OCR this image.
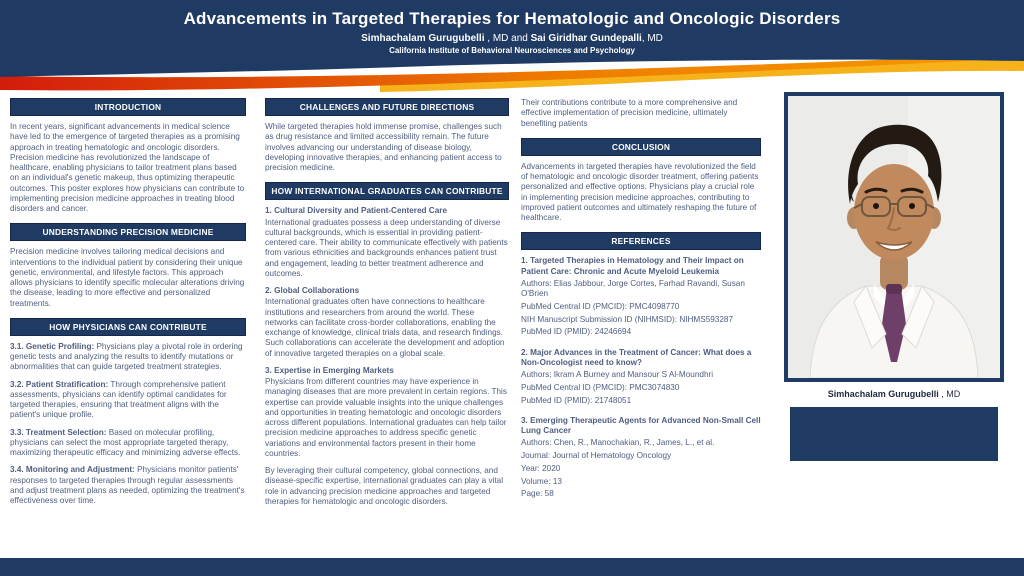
Advancements in Targeted Therapies for Hematologic and Oncologic Disorders
Simhachalam Gurugubelli , MD and Sai Giridhar Gundepalli, MD
California Institute of Behavioral Neurosciences and Psychology
INTRODUCTION

In recent years, significant advancements in medical science have led to the emergence of targeted therapies as a promising approach in treating hematologic and oncologic disorders. Precision medicine has revolutionized the landscape of healthcare, enabling physicians to tailor treatment plans based on an individual's genetic makeup, thus optimizing therapeutic outcomes. This poster explores how physicians can contribute to implementing precision medicine approaches in treating blood disorders and cancer.

UNDERSTANDING PRECISION MEDICINE

Precision medicine involves tailoring medical decisions and interventions to the individual patient by considering their unique genetic, environmental, and lifestyle factors. This approach allows physicians to identify specific molecular alterations driving the disease, leading to more effective and personalized treatments.

HOW PHYSICIANS CAN CONTRIBUTE

3.1. Genetic Profiling: Physicians play a pivotal role in ordering genetic tests and analyzing the results to identify mutations or abnormalities that can guide targeted treatment strategies.

3.2. Patient Stratification: Through comprehensive patient assessments, physicians can identify optimal candidates for targeted therapies, ensuring that treatment aligns with the patient's unique profile.

3.3. Treatment Selection: Based on molecular profiling, physicians can select the most appropriate targeted therapy, maximizing therapeutic efficacy and minimizing adverse effects.

3.4. Monitoring and Adjustment: Physicians monitor patients' responses to targeted therapies through regular assessments and adjust treatment plans as needed, optimizing the treatment's effectiveness over time.

CHALLENGES AND FUTURE DIRECTIONS

While targeted therapies hold immense promise, challenges such as drug resistance and limited accessibility remain. The future involves advancing our understanding of disease biology, developing innovative therapies, and enhancing patient access to precision medicine.

HOW INTERNATIONAL GRADUATES CAN CONTRIBUTE

1. Cultural Diversity and Patient-Centered Care
International graduates possess a deep understanding of diverse cultural backgrounds, which is essential in providing patient-centered care. Their ability to communicate effectively with patients from various ethnicities and backgrounds enhances patient trust and engagement, leading to better treatment adherence and outcomes.

2. Global Collaborations
International graduates often have connections to healthcare institutions and researchers from around the world. These networks can facilitate cross-border collaborations, enabling the exchange of knowledge, clinical trials data, and research findings. Such collaborations can accelerate the development and adoption of innovative targeted therapies on a global scale.

3. Expertise in Emerging Markets
Physicians from different countries may have experience in managing diseases that are more prevalent in certain regions. This expertise can provide valuable insights into the unique challenges and opportunities in treating hematologic and oncologic disorders across different populations. International graduates can help tailor precision medicine approaches to address specific genetic variations and environmental factors present in their home countries.

By leveraging their cultural competency, global connections, and disease-specific expertise, international graduates can play a vital role in advancing precision medicine approaches and targeted therapies for hematologic and oncologic disorders.

Their contributions contribute to a more comprehensive and effective implementation of precision medicine, ultimately benefiting patients

CONCLUSION

Advancements in targeted therapies have revolutionized the field of hematologic and oncologic disorder treatment, offering patients personalized and effective options. Physicians play a crucial role in implementing precision medicine approaches, contributing to improved patient outcomes and ultimately reshaping the future of healthcare.

REFERENCES
1. Targeted Therapies in Hematology and Their Impact on Patient Care: Chronic and Acute Myeloid Leukemia
Authors: Elias Jabbour, Jorge Cortes, Farhad Ravandi, Susan O'Brien
PubMed Central ID (PMCID): PMC4098770
NIH Manuscript Submission ID (NIHMSID): NIHMS593287
PubMed ID (PMID): 24246694
2. Major Advances in the Treatment of Cancer: What does a Non-Oncologist need to know?
Authors: Ikram A Burney and Mansour S Al-Moundhri
PubMed Central ID (PMCID): PMC3074830
PubMed ID (PMID): 21748051
3. Emerging Therapeutic Agents for Advanced Non-Small Cell Lung Cancer
Authors: Chen, R., Manochakian, R., James, L., et al.
Journal: Journal of Hematology Oncology
Year: 2020
Volume: 13
Page: 58
Simhachalam Gurugubelli , MD
